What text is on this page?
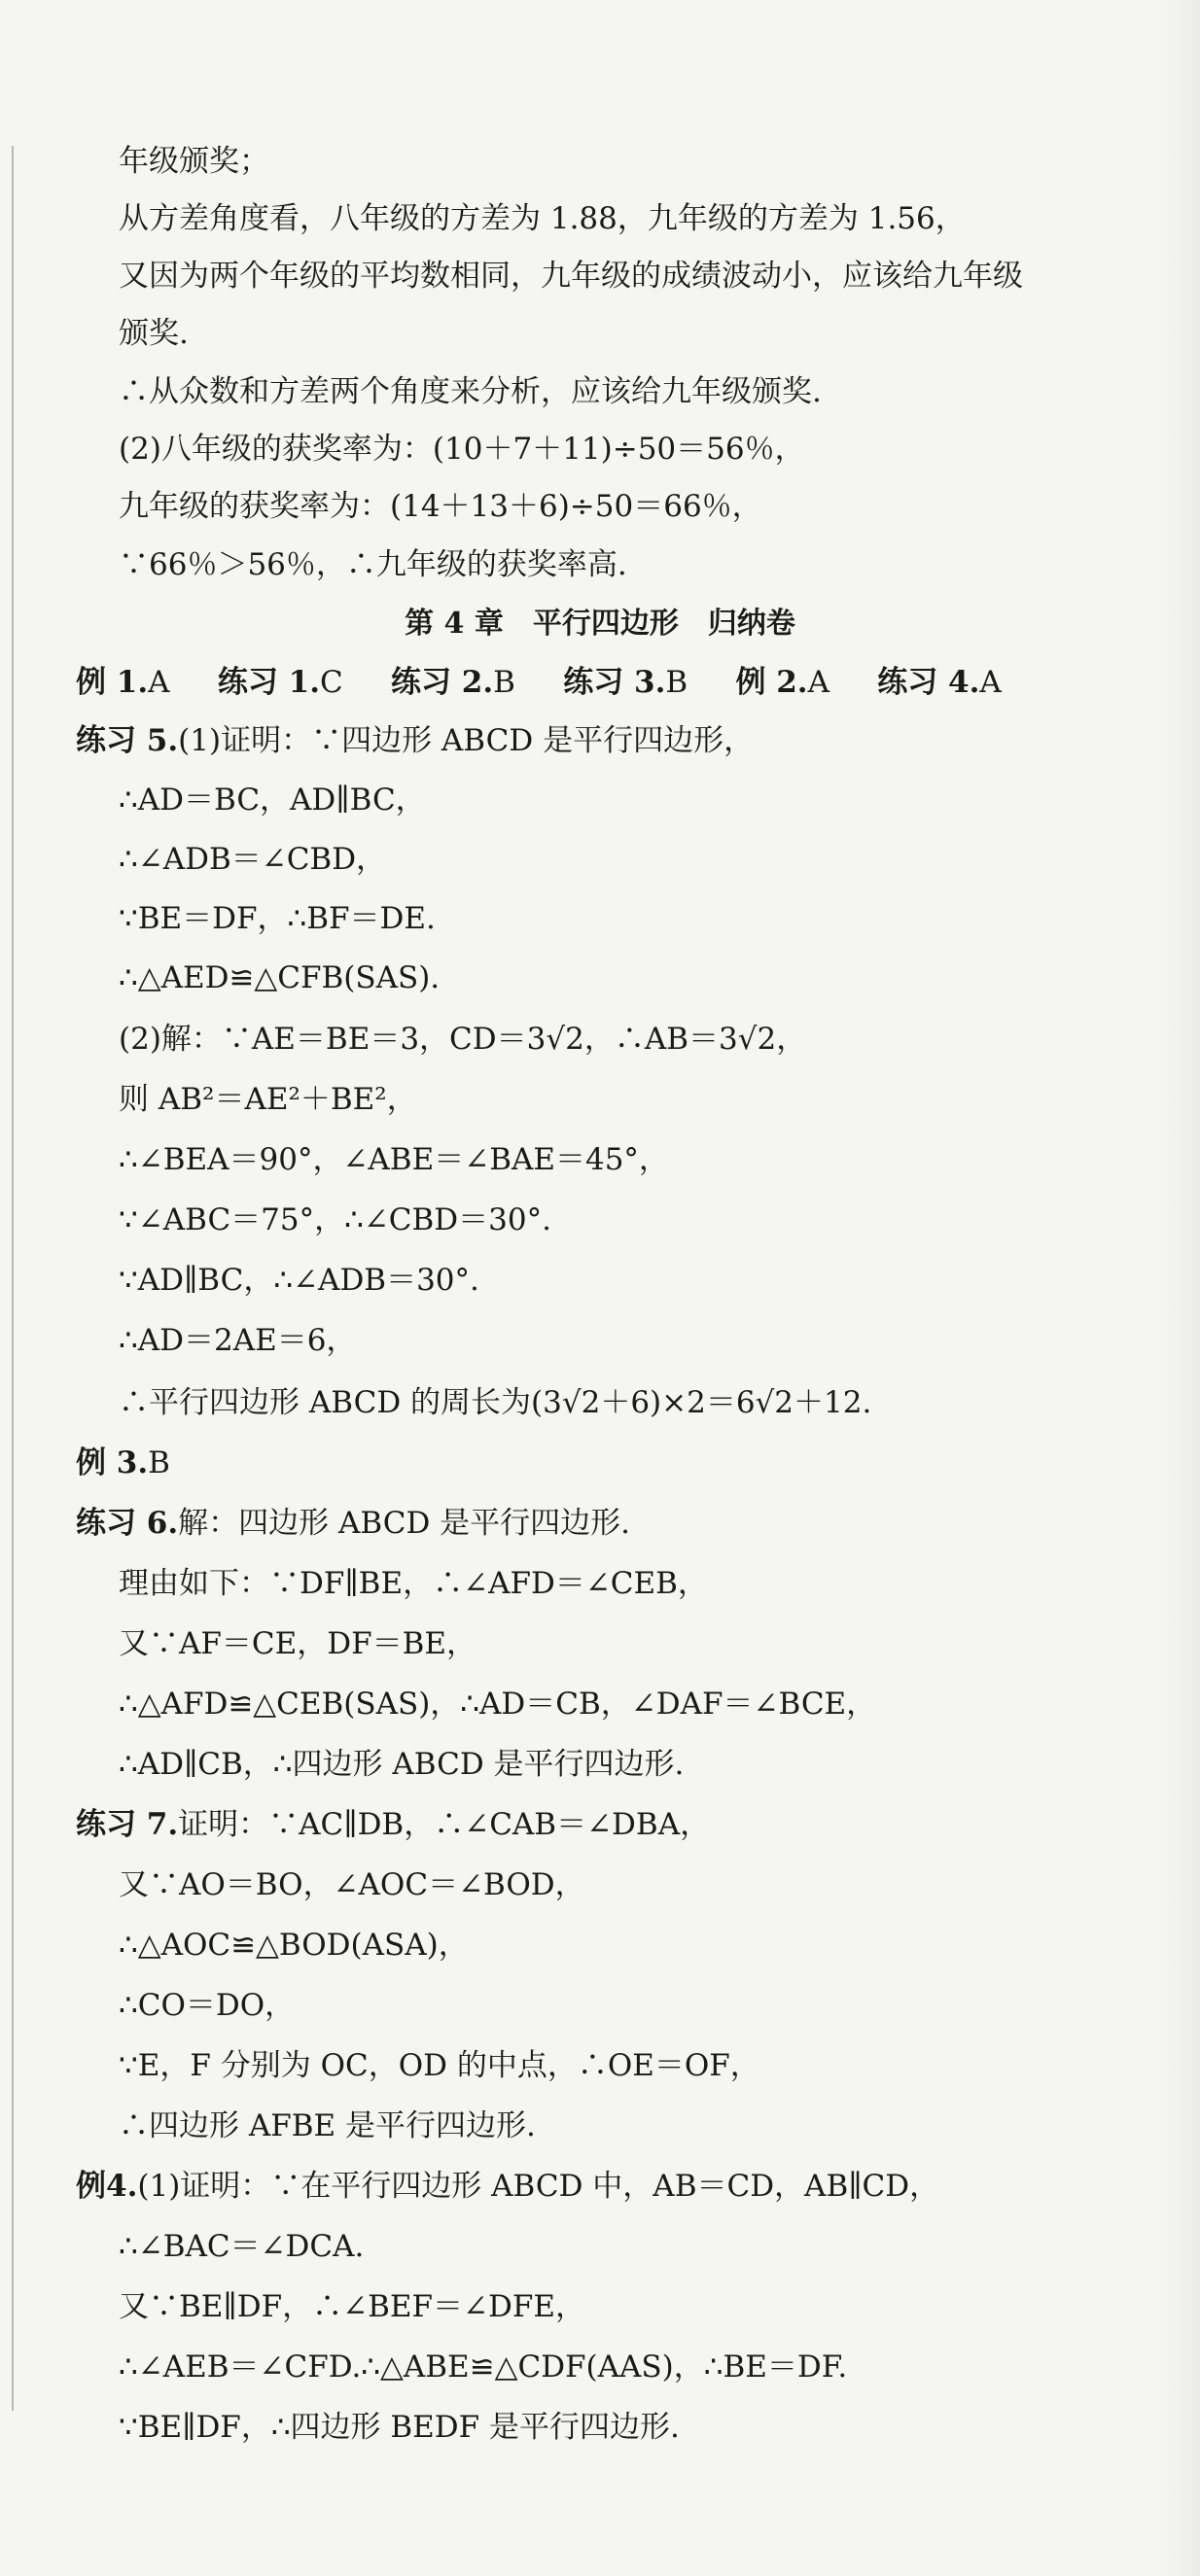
年级颁奖；
从方差角度看，八年级的方差为 1.88，九年级的方差为 1.56，
又因为两个年级的平均数相同，九年级的成绩波动小，应该给九年级
颁奖.
∴从众数和方差两个角度来分析，应该给九年级颁奖.
(2)八年级的获奖率为：(10＋7＋11)÷50＝56％，
九年级的获奖率为：(14＋13＋6)÷50＝66％，
∵66％＞56％，∴九年级的获奖率高.
第 4 章　平行四边形　归纳卷
例 1.A 练习 1.C 练习 2.B 练习 3.B 例 2.A 练习 4.A
练习 5.(1)证明：∵四边形 ABCD 是平行四边形，
∴AD＝BC，AD∥BC，
∴∠ADB＝∠CBD，
∵BE＝DF，∴BF＝DE.
∴△AED≌△CFB(SAS).
(2)解：∵AE＝BE＝3，CD＝3√2，∴AB＝3√2，
则 AB²＝AE²＋BE²，
∴∠BEA＝90°，∠ABE＝∠BAE＝45°，
∵∠ABC＝75°，∴∠CBD＝30°.
∵AD∥BC，∴∠ADB＝30°.
∴AD＝2AE＝6，
∴平行四边形 ABCD 的周长为(3√2＋6)×2＝6√2＋12.
例 3.B
练习 6.解：四边形 ABCD 是平行四边形.
理由如下：∵DF∥BE，∴∠AFD＝∠CEB，
又∵AF＝CE，DF＝BE，
∴△AFD≌△CEB(SAS)，∴AD＝CB，∠DAF＝∠BCE，
∴AD∥CB，∴四边形 ABCD 是平行四边形.
练习 7.证明：∵AC∥DB，∴∠CAB＝∠DBA，
又∵AO＝BO，∠AOC＝∠BOD，
∴△AOC≌△BOD(ASA)，
∴CO＝DO，
∵E，F 分别为 OC，OD 的中点，∴OE＝OF，
∴四边形 AFBE 是平行四边形.
例4.(1)证明：∵在平行四边形 ABCD 中，AB＝CD，AB∥CD，
∴∠BAC＝∠DCA.
又∵BE∥DF，∴∠BEF＝∠DFE，
∴∠AEB＝∠CFD.∴△ABE≌△CDF(AAS)，∴BE＝DF.
∵BE∥DF，∴四边形 BEDF 是平行四边形.
